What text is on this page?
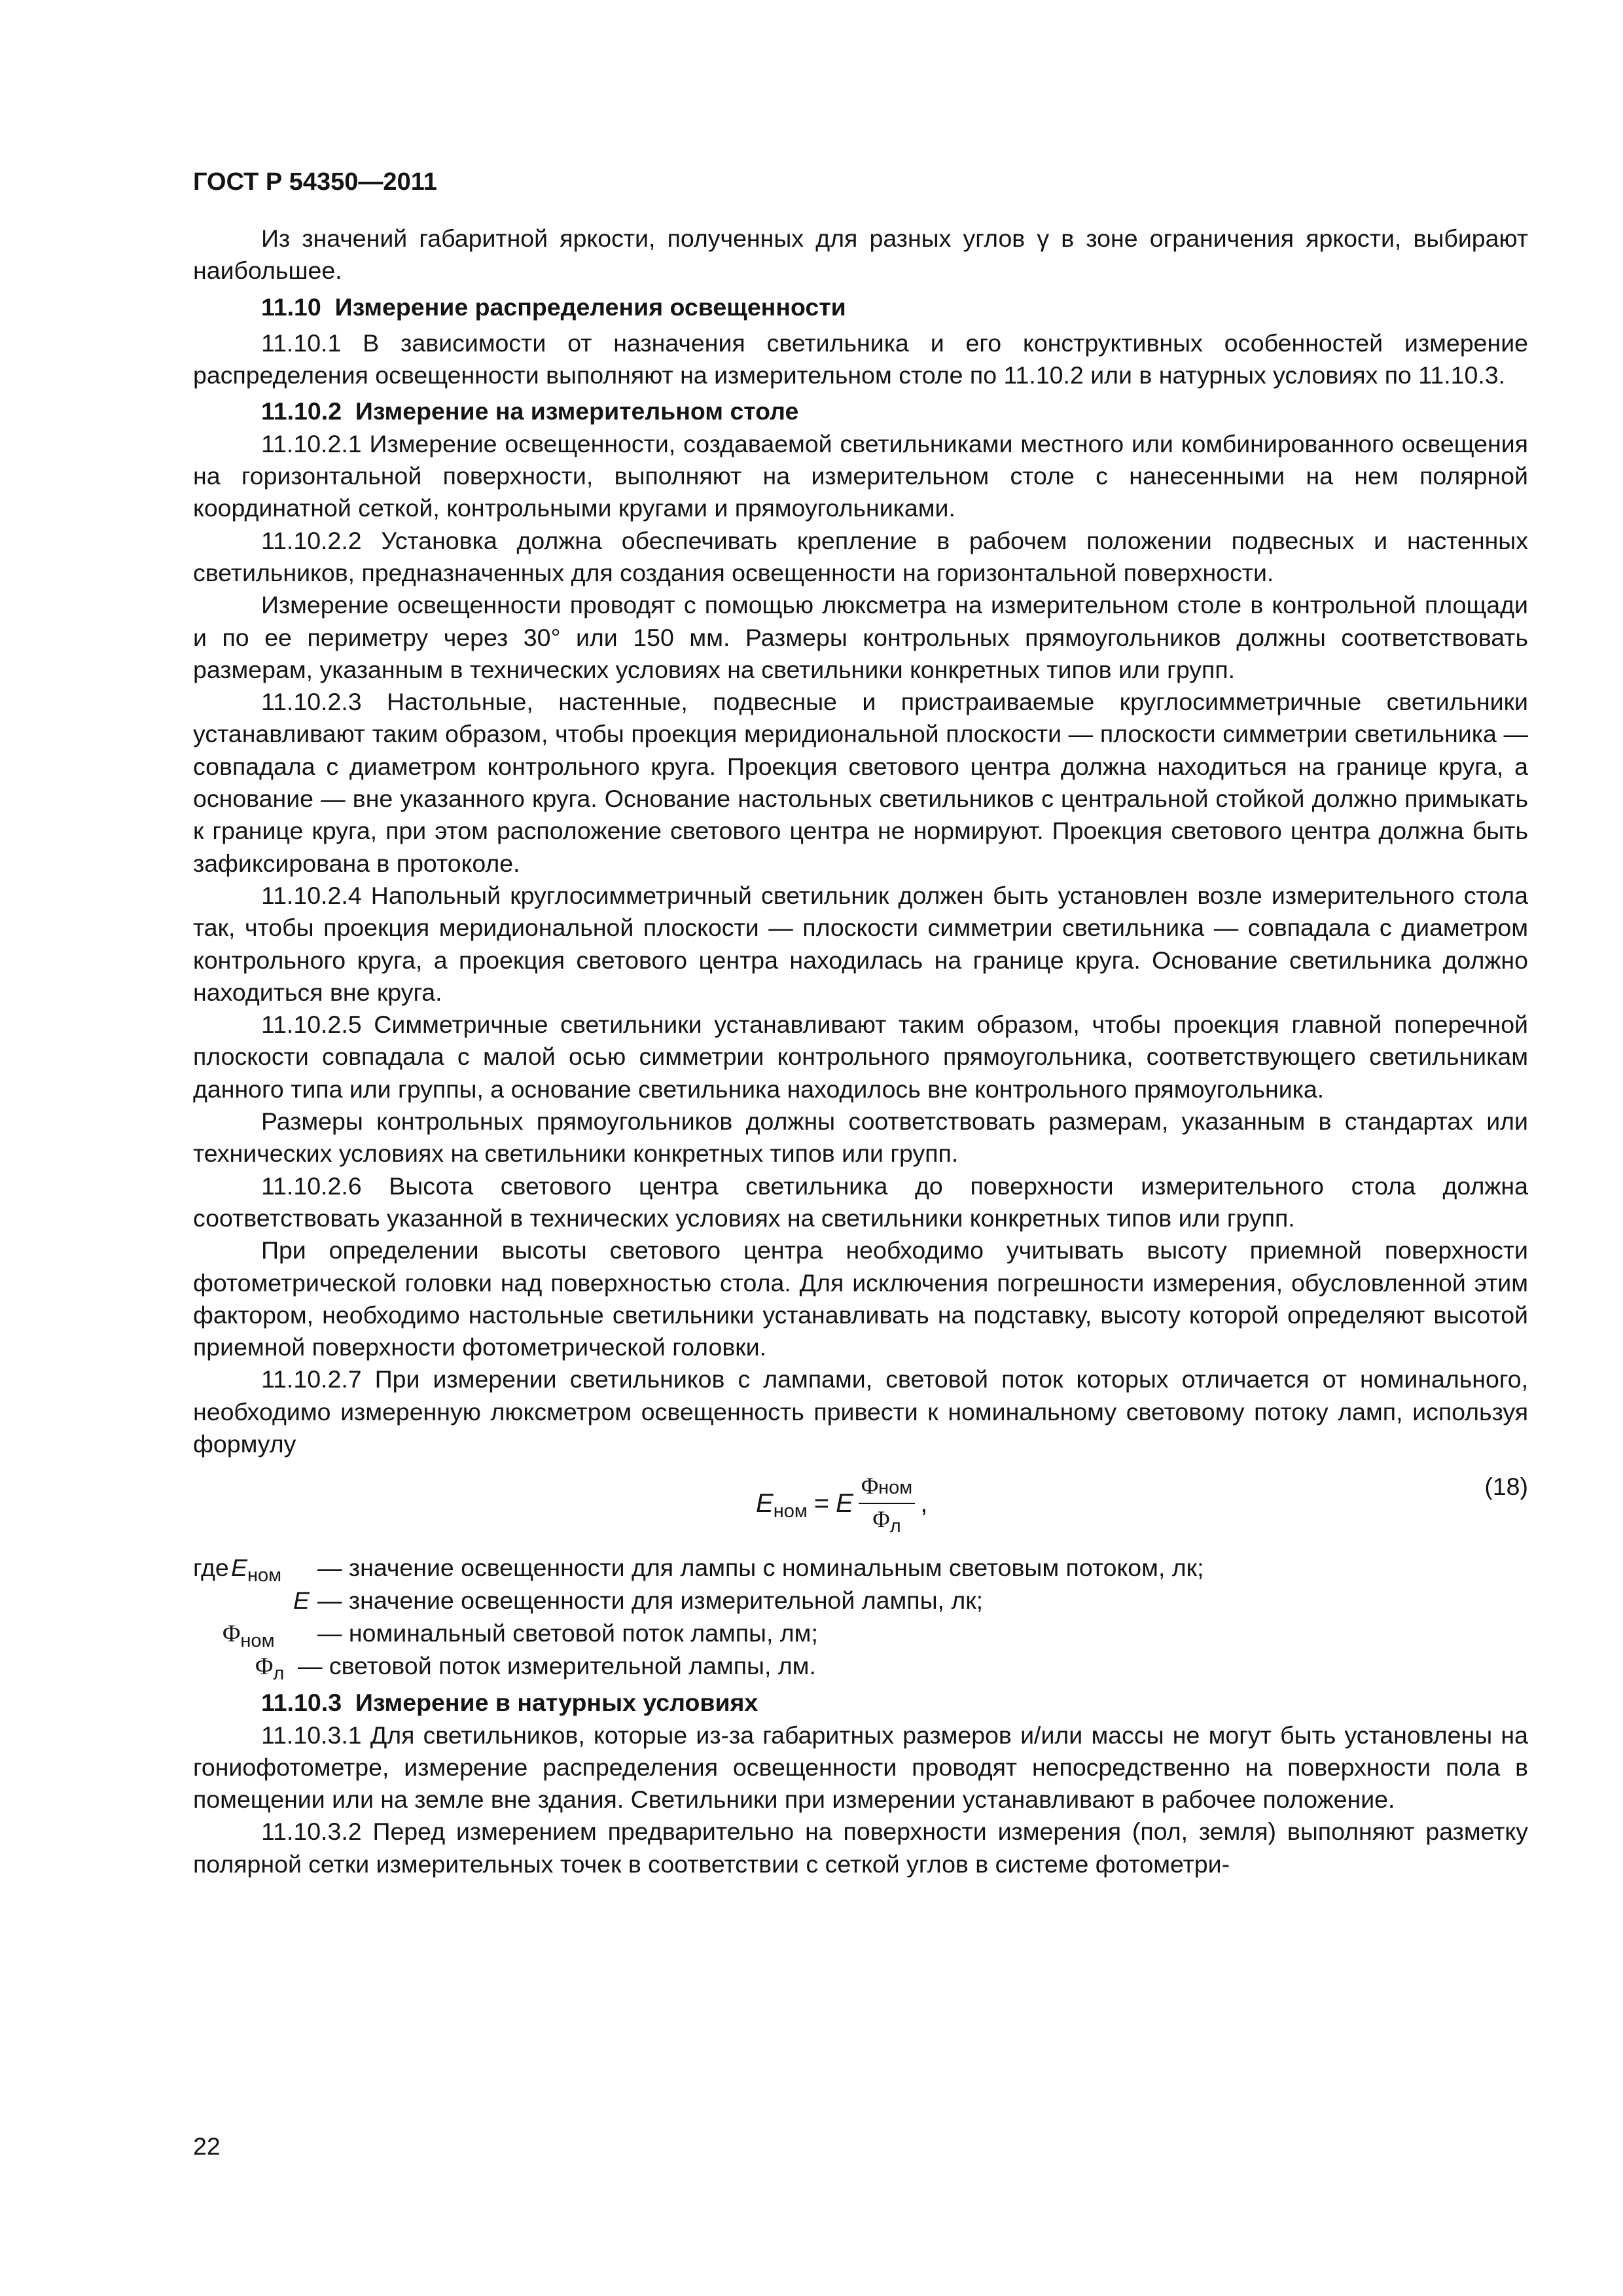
ГОСТ Р 54350—2011

Из значений габаритной яркости, полученных для разных углов γ в зоне ограничения яркости, выбирают наибольшее.

11.10 Измерение распределения освещенности

11.10.1 В зависимости от назначения светильника и его конструктивных особенностей измерение распределения освещенности выполняют на измерительном столе по 11.10.2 или в натурных условиях по 11.10.3.

11.10.2 Измерение на измерительном столе

11.10.2.1 Измерение освещенности, создаваемой светильниками местного или комбинированного освещения на горизонтальной поверхности, выполняют на измерительном столе с нанесенными на нем полярной координатной сеткой, контрольными кругами и прямоугольниками.

11.10.2.2 Установка должна обеспечивать крепление в рабочем положении подвесных и настенных светильников, предназначенных для создания освещенности на горизонтальной поверхности.

Измерение освещенности проводят с помощью люксметра на измерительном столе в контрольной площади и по ее периметру через 30° или 150 мм. Размеры контрольных прямоугольников должны соответствовать размерам, указанным в технических условиях на светильники конкретных типов или групп.

11.10.2.3 Настольные, настенные, подвесные и пристраиваемые круглосимметричные светильники устанавливают таким образом, чтобы проекция меридиональной плоскости — плоскости симметрии светильника — совпадала с диаметром контрольного круга. Проекция светового центра должна находиться на границе круга, а основание — вне указанного круга. Основание настольных светильников с центральной стойкой должно примыкать к границе круга, при этом расположение светового центра не нормируют. Проекция светового центра должна быть зафиксирована в протоколе.

11.10.2.4 Напольный круглосимметричный светильник должен быть установлен возле измерительного стола так, чтобы проекция меридиональной плоскости — плоскости симметрии светильника — совпадала с диаметром контрольного круга, а проекция светового центра находилась на границе круга. Основание светильника должно находиться вне круга.

11.10.2.5 Симметричные светильники устанавливают таким образом, чтобы проекция главной поперечной плоскости совпадала с малой осью симметрии контрольного прямоугольника, соответствующего светильникам данного типа или группы, а основание светильника находилось вне контрольного прямоугольника.

Размеры контрольных прямоугольников должны соответствовать размерам, указанным в стандартах или технических условиях на светильники конкретных типов или групп.

11.10.2.6 Высота светового центра светильника до поверхности измерительного стола должна соответствовать указанной в технических условиях на светильники конкретных типов или групп.

При определении высоты светового центра необходимо учитывать высоту приемной поверхности фотометрической головки над поверхностью стола. Для исключения погрешности измерения, обусловленной этим фактором, необходимо настольные светильники устанавливать на подставку, высоту которой определяют высотой приемной поверхности фотометрической головки.

11.10.2.7 При измерении светильников с лампами, световой поток которых отличается от номинального, необходимо измеренную люксметром освещенность привести к номинальному световому потоку ламп, используя формулу

E ном = E $\frac{\text{Φном}}{\Phi_л}$ ,
(18)
где $E_{ном}$ — значение освещенности для лампы с номинальным световым потоком, лк;
E — значение освещенности для измерительной лампы, лк;
$\Phi_{ном}$ — номинальный световой поток лампы, лм;
$\Phi_л$ — световой поток измерительной лампы, лм.

11.10.3 Измерение в натурных условиях

11.10.3.1 Для светильников, которые из-за габаритных размеров и/или массы не могут быть установлены на гониофотометре, измерение распределения освещенности проводят непосредственно на поверхности пола в помещении или на земле вне здания. Светильники при измерении устанавливают в рабочее положение.

11.10.3.2 Перед измерением предварительно на поверхности измерения (пол, земля) выполняют разметку полярной сетки измерительных точек в соответствии с сеткой углов в системе фотометри-

22
